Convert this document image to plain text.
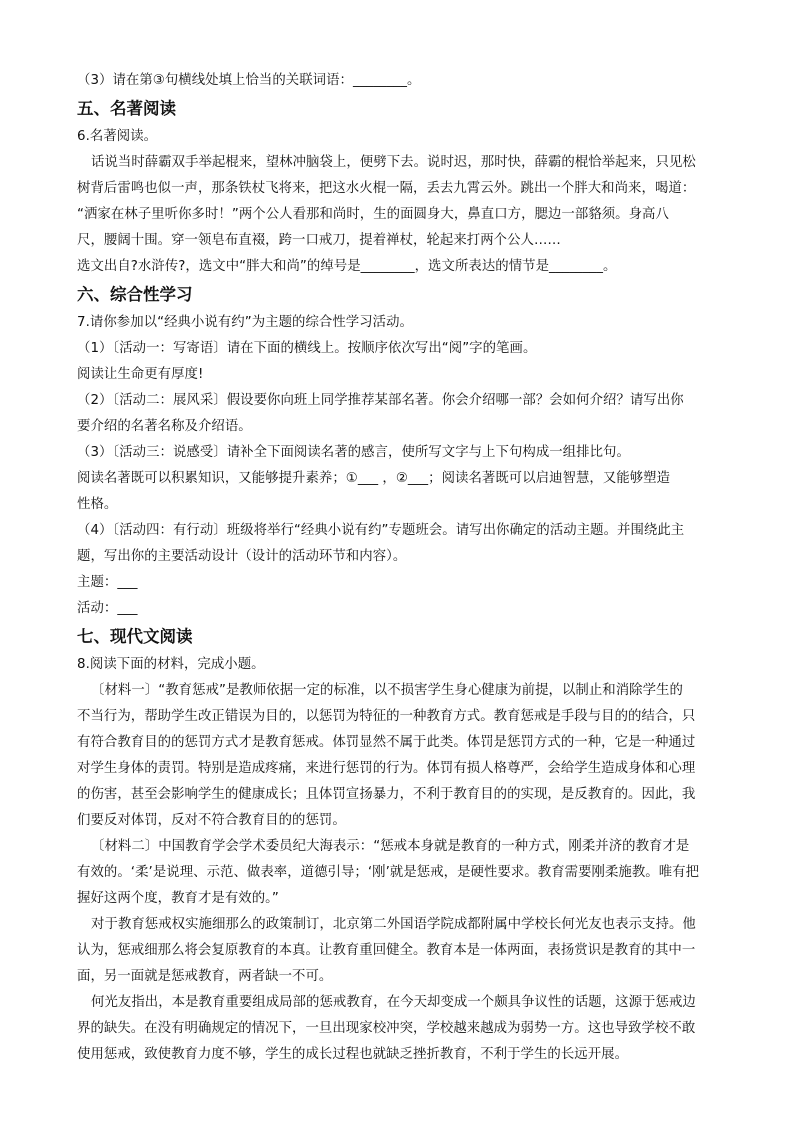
（3）请在第③句横线处填上恰当的关联词语：________。
五、名著阅读
6.名著阅读。
话说当时薛霸双手举起棍来，望林冲脑袋上，便劈下去。说时迟，那时快，薛霸的棍恰举起来，只见松
树背后雷鸣也似一声，那条铁杖飞将来，把这水火棍一隔，丢去九霄云外。跳出一个胖大和尚来，喝道：
“洒家在林子里听你多时！”两个公人看那和尚时，生的面圆身大，鼻直口方，腮边一部貉须。身高八
尺，腰阔十围。穿一领皂布直裰，跨一口戒刀，提着禅杖，轮起来打两个公人……
选文出自?水浒传?，选文中“胖大和尚”的绰号是________，选文所表达的情节是________。
六、综合性学习
7.请你参加以“经典小说有约”为主题的综合性学习活动。
（1）〔活动一：写寄语〕请在下面的横线上。按顺序依次写出“阅”字的笔画。
阅读让生命更有厚度!
（2）〔活动二：展风采〕假设要你向班上同学推荐某部名著。你会介绍哪一部？会如何介绍？请写出你
要介绍的名著名称及介绍语。
（3）〔活动三：说感受〕请补全下面阅读名著的感言，使所写文字与上下句构成一组排比句。
阅读名著既可以积累知识，又能够提升素养；①___ ，②___；阅读名著既可以启迪智慧，又能够塑造
性格。
（4）〔活动四：有行动〕班级将举行“经典小说有约”专题班会。请写出你确定的活动主题。并围绕此主
题，写出你的主要活动设计（设计的活动环节和内容）。
主题：___
活动：___
七、现代文阅读
8.阅读下面的材料，完成小题。
〔材料一〕“教育惩戒”是教师依据一定的标准，以不损害学生身心健康为前提，以制止和消除学生的
不当行为，帮助学生改正错误为目的，以惩罚为特征的一种教育方式。教育惩戒是手段与目的的结合，只
有符合教育目的的惩罚方式才是教育惩戒。体罚显然不属于此类。体罚是惩罚方式的一种，它是一种通过
对学生身体的责罚。特别是造成疼痛，来进行惩罚的行为。体罚有损人格尊严，会给学生造成身体和心理
的伤害，甚至会影响学生的健康成长；且体罚宣扬暴力，不利于教育目的的实现，是反教育的。因此，我
们要反对体罚，反对不符合教育目的的惩罚。
〔材料二〕中国教育学会学术委员纪大海表示：“惩戒本身就是教育的一种方式，刚柔并济的教育才是
有效的。‘柔’是说理、示范、做表率，道德引导；‘刚’就是惩戒，是硬性要求。教育需要刚柔施教。唯有把
握好这两个度，教育才是有效的。”
对于教育惩戒权实施细那么的政策制订，北京第二外国语学院成都附属中学校长何光友也表示支持。他
认为，惩戒细那么将会复原教育的本真。让教育重回健全。教育本是一体两面，表扬赏识是教育的其中一
面，另一面就是惩戒教育，两者缺一不可。
何光友指出，本是教育重要组成局部的惩戒教育，在今天却变成一个颇具争议性的话题，这源于惩戒边
界的缺失。在没有明确规定的情况下，一旦出现家校冲突，学校越来越成为弱势一方。这也导致学校不敢
使用惩戒，致使教育力度不够，学生的成长过程也就缺乏挫折教育，不利于学生的长远开展。
